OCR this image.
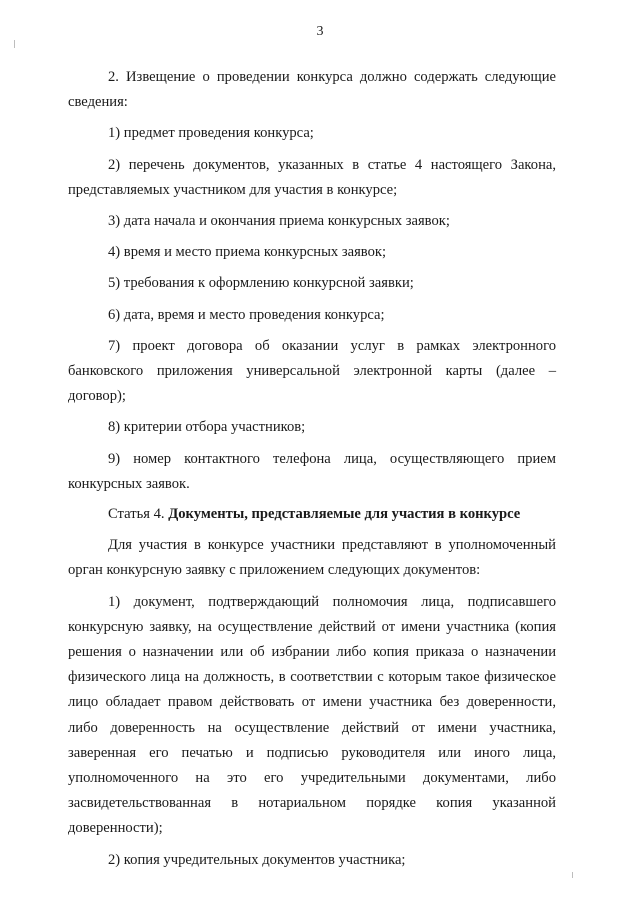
3

2. Извещение о проведении конкурса должно содержать следующие сведения:

1) предмет проведения конкурса;

2) перечень документов, указанных в статье 4 настоящего Закона, представляемых участником для участия в конкурсе;

3) дата начала и окончания приема конкурсных заявок;

4) время и место приема конкурсных заявок;

5) требования к оформлению конкурсной заявки;

6) дата, время и место проведения конкурса;

7) проект договора об оказании услуг в рамках электронного банковского приложения универсальной электронной карты (далее – договор);

8) критерии отбора участников;

9) номер контактного телефона лица, осуществляющего прием конкурсных заявок.

Статья 4. Документы, представляемые для участия в конкурсе

Для участия в конкурсе участники представляют в уполномоченный орган конкурсную заявку с приложением следующих документов:

1) документ, подтверждающий полномочия лица, подписавшего конкурсную заявку, на осуществление действий от имени участника (копия решения о назначении или об избрании либо копия приказа о назначении физического лица на должность, в соответствии с которым такое физическое лицо обладает правом действовать от имени участника без доверенности, либо доверенность на осуществление действий от имени участника, заверенная его печатью и подписью руководителя или иного лица, уполномоченного на это его учредительными документами, либо засвидетельствованная в нотариальном порядке копия указанной доверенности);

2) копия учредительных документов участника;
